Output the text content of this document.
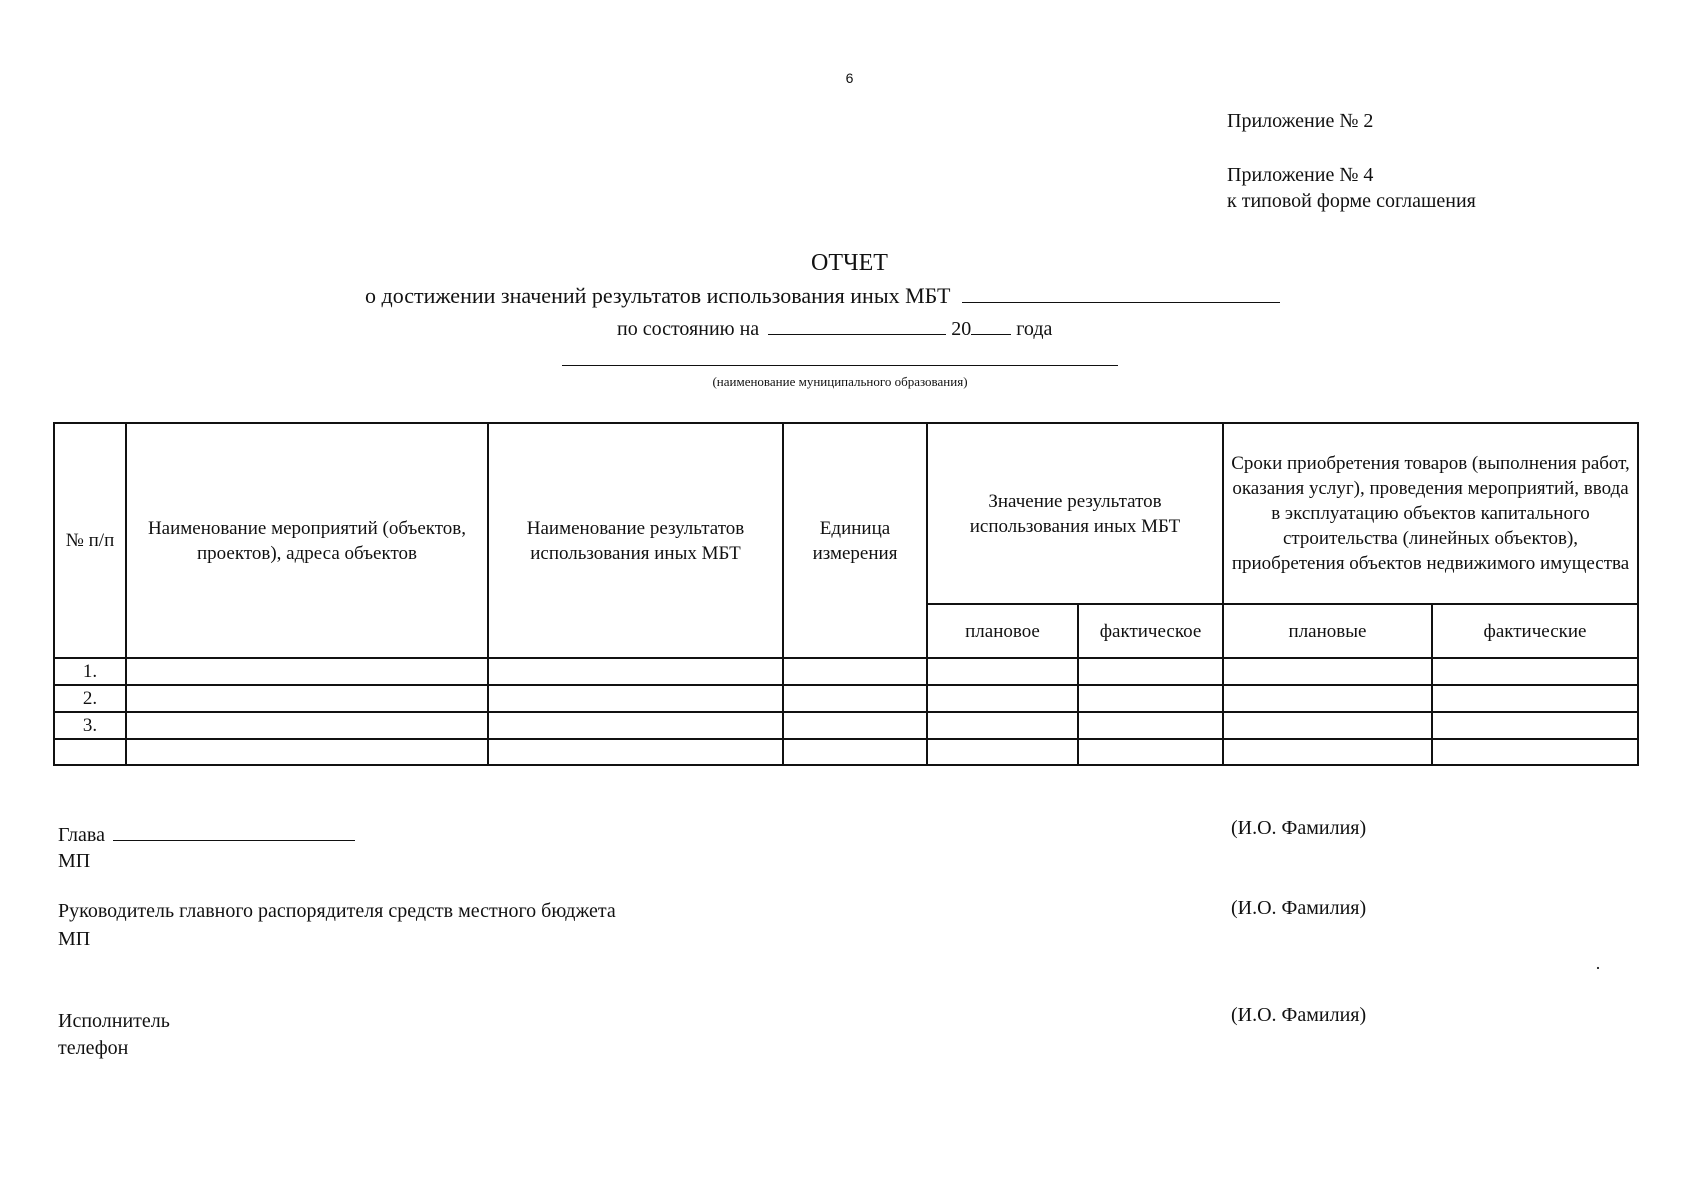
6
Приложение № 2
Приложение № 4
к типовой форме соглашения
ОТЧЕТ
о достижении значений результатов использования иных МБТ
по состоянию на	20 года
(наименование муниципального образования)
№ п/п	Наименование мероприятий (объектов, проектов), адреса объектов	Наименование результатов использования иных МБТ	Единица измерения	Значение результатов использования иных МБТ		Сроки приобретения товаров (выполнения работ, оказания услуг), проведения мероприятий, ввода в эксплуатацию объектов капитального строительства (линейных объектов), приобретения объектов недвижимого имущества	
				плановое	фактическое	плановые	фактические
1.							
2.							
3.							

Глава
МП
Руководитель главного распорядителя средств местного бюджета
МП
Исполнитель
телефон
(И.О. Фамилия)
(И.О. Фамилия)
(И.О. Фамилия)
·
